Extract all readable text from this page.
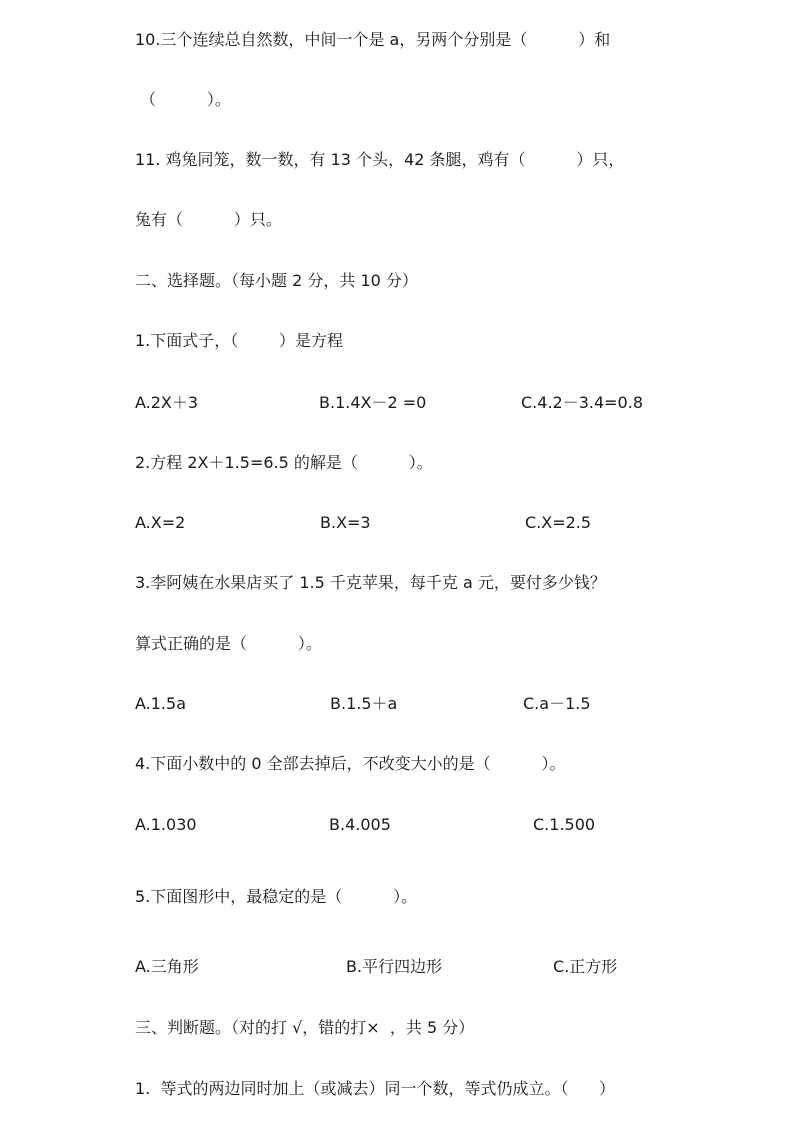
10.三个连续总自然数，中间一个是 a，另两个分别是（          ）和
（          ）。
11. 鸡兔同笼，数一数，有 13 个头，42 条腿，鸡有（          ）只，
兔有（          ）只。
二、选择题。（每小题 2 分，共 10 分）
1.下面式子，（        ）是方程
A.2X＋3	B.1.4X－2 =0	C.4.2－3.4=0.8
2.方程 2X＋1.5=6.5 的解是（          ）。
A.X=2	B.X=3	C.X=2.5
3.李阿姨在水果店买了 1.5 千克苹果，每千克 a 元，要付多少钱？
算式正确的是（          ）。
A.1.5a	B.1.5＋a	C.a－1.5
4.下面小数中的 0 全部去掉后，不改变大小的是（          ）。
A.1.030	B.4.005	C.1.500
5.下面图形中，最稳定的是（          ）。
A.三角形	B.平行四边形	C.正方形
三、判断题。（对的打 √，错的打×  ，共 5 分）
1.  等式的两边同时加上（或减去）同一个数，等式仍成立。（      ）
